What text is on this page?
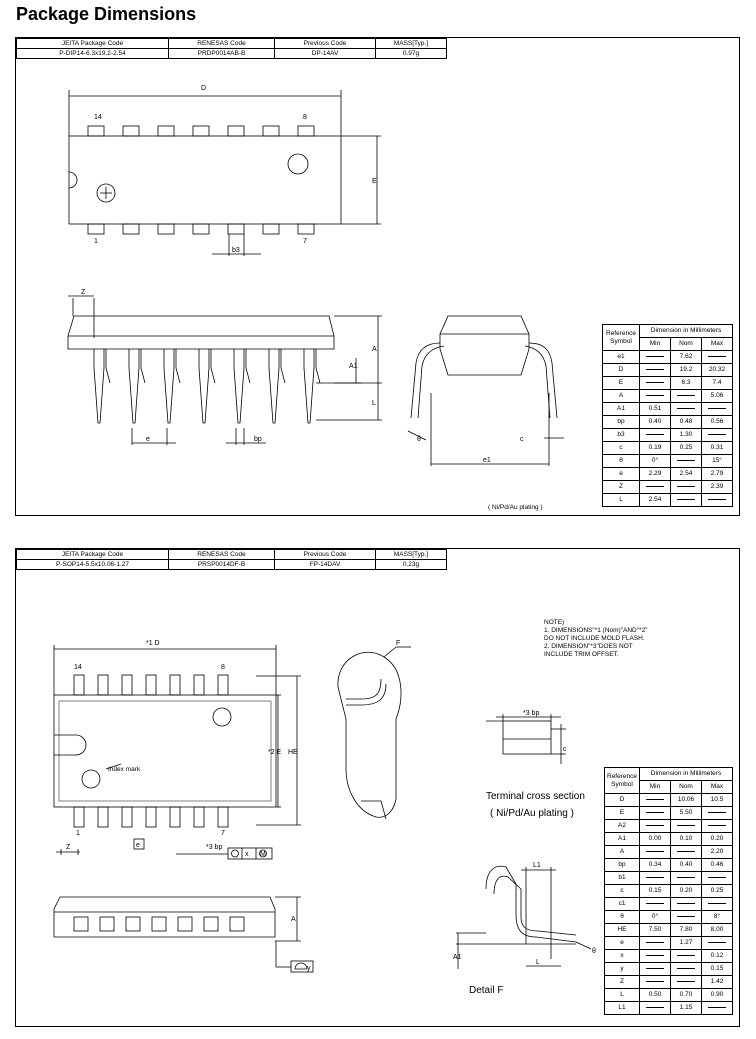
Package Dimensions
JEITA Package Code	RENESAS Code	Previous Code	MASS[Typ.]
P-DIP14-6.3x19.2-2.54	PRDP0014AB-B	DP-14AV	0.97g
D
E
14	8
1	7
b3
Z
A
A1
L
e	bp	θ	c
e1
( Ni/Pd/Au plating )
Reference Symbol	Dimension in Millimeters		
	Min	Nom	Max
e1		7.62	
D		19.2	20.32
E		6.3	7.4
A			5.06
A1	0.51		
bp	0.40	0.48	0.56
b3		1.30	
c	0.19	0.25	0.31
θ	0°		15°
e	2.29	2.54	2.79
Z			2.39
L	2.54		
JEITA Package Code	RENESAS Code	Previous Code	MASS[Typ.]
P-SOP14-5.5x10.06-1.27	PRSP0014DF-B	FP-14DAV	0.23g
NOTE)
1. DIMENSIONS"*1 (Nom)"AND"*2"
DO NOT INCLUDE MOLD FLASH.
2. DIMENSION"*3"DOES NOT
INCLUDE TRIM OFFSET.
*1 D
*2 E HE
F
14	8
1	7
Z	e	*3 bp
x M
A
y
*3 bp
c
L1
L
A1
θ
Index mark
Terminal cross section
( Ni/Pd/Au plating )
Detail F
Reference Symbol	Dimension in Millimeters		
	Min	Nom	Max
D		10.06	10.5
E		5.50	
A2			
A1	0.00	0.10	0.20
A			2.20
bp	0.34	0.40	0.46
b1			
c	0.15	0.20	0.25
c1			
θ	0°		8°
HE	7.50	7.80	8.00
e		1.27	
x			0.12
y			0.15
Z			1.42
L	0.50	0.70	0.90
L1		1.15	
